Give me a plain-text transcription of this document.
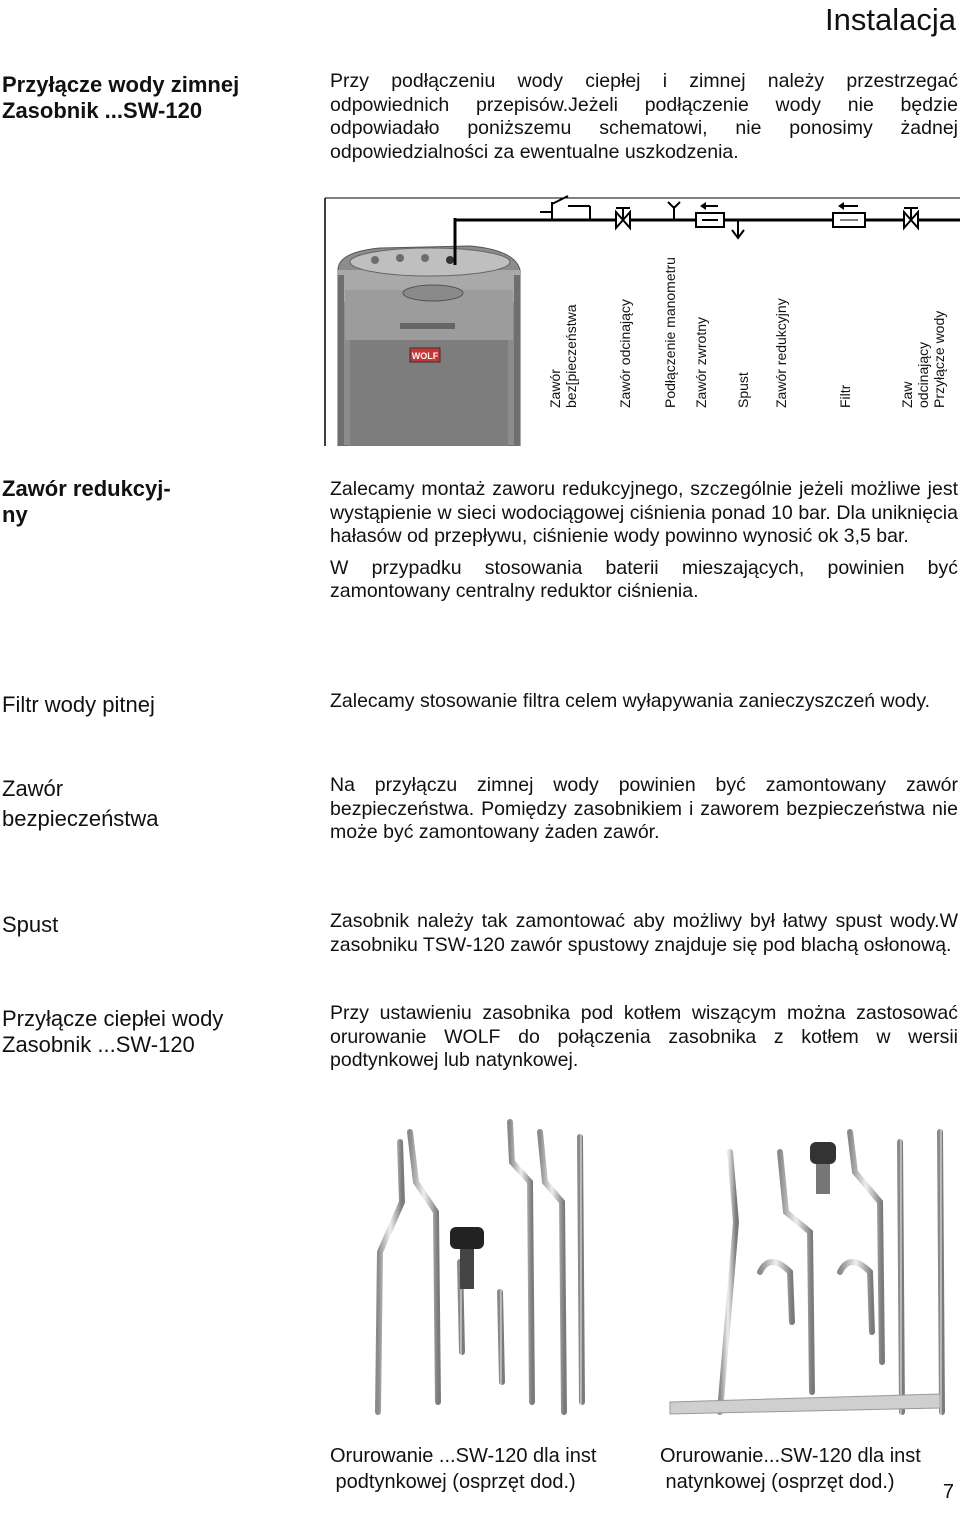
Instalacja
Przyłącze wody zimnej
Zasobnik ...SW-120
Przy podłączeniu wody ciepłej i zimnej należy przestrzegać odpowiednich przepisów.Jeżeli podłączenie wody nie będzie odpowiadało poniższemu schematowi, nie ponosimy żadnej odpowiedzialności za ewentualne uszkodzenia.
WOLF
Zawór bez[pieczeństwa	Zawór odcinający Podłączenie manometru Zawór zwrotny Spust Zawór redukcyjny	Filtr	Zaw odcinający Przyłącze wody
Zawór redukcyj-
ny

Zalecamy montaż zaworu redukcyjnego, szczególnie jeżeli możliwe jest wystąpienie w sieci wodociągowej ciśnienia ponad 10 bar. Dla uniknięcia hałasów od przepływu, ciśnienie wody powinno wynosić ok 3,5 bar.

W przypadku stosowania baterii mieszających, powinien być zamontowany centralny reduktor ciśnienia.

Filtr wody pitnej	Zalecamy stosowanie filtra celem wyłapywania zanieczyszczeń wody.
Zawór
bezpieczeństwa
Na przyłączu zimnej wody powinien być zamontowany zawór bezpieczeństwa. Pomiędzy zasobnikiem i zaworem bezpieczeństwa nie może być zamontowany żaden zawór.
Spust	Zasobnik należy tak zamontować aby możliwy był łatwy spust wody.W zasobniku TSW-120 zawór spustowy znajduje się pod blachą osłonową.
Przyłącze ciepłei wody
Zasobnik ...SW-120
Przy ustawieniu zasobnika pod kotłem wiszącym można zastosować orurowanie WOLF do połączenia zasobnika z kotłem w wersii podtynkowej lub natynkowej.
Orurowanie ...SW-120 dla inst
podtynkowej (osprzęt dod.)
Orurowanie...SW-120 dla inst
natynkowej (osprzęt dod.)	7
